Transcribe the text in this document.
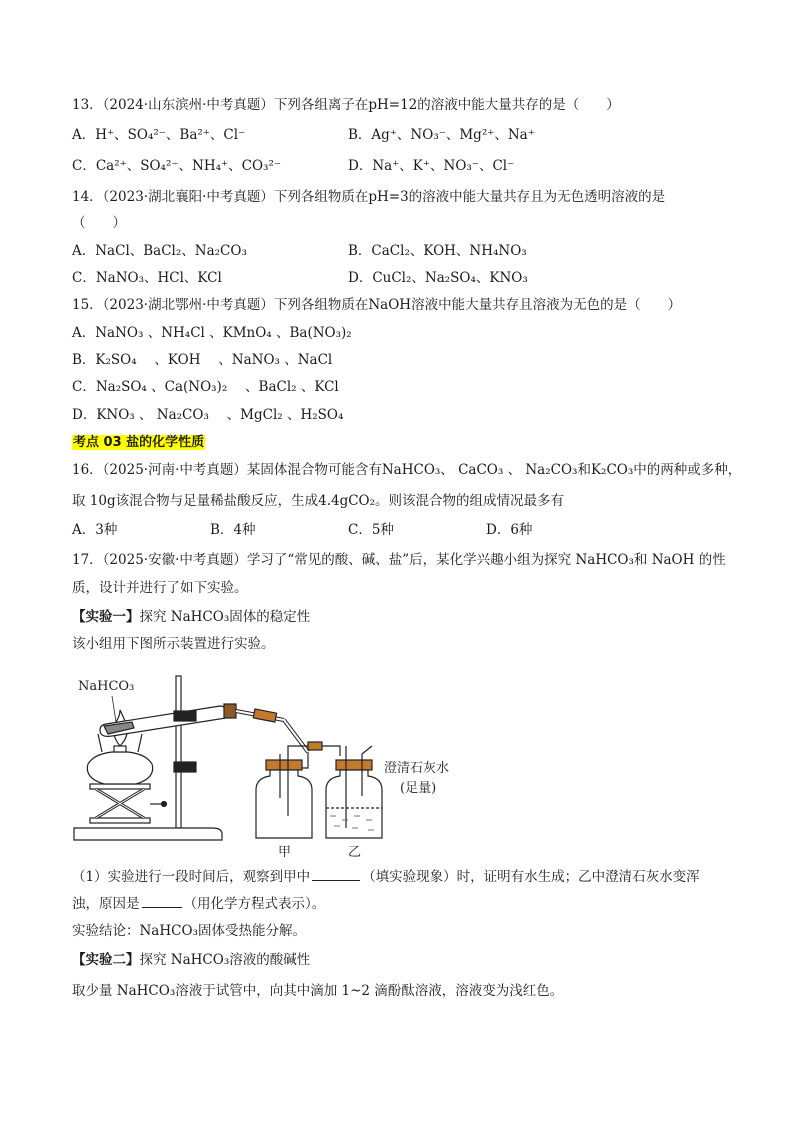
13．（2024·山东滨州·中考真题）下列各组离子在pH=12的溶液中能大量共存的是（　　）
A．H⁺、SO₄²⁻、Ba²⁺、Cl⁻	B．Ag⁺、NO₃⁻、Mg²⁺、Na⁺
C．Ca²⁺、SO₄²⁻、NH₄⁺、CO₃²⁻	D．Na⁺、K⁺、NO₃⁻、Cl⁻
14．（2023·湖北襄阳·中考真题）下列各组物质在pH=3的溶液中能大量共存且为无色透明溶液的是
（　　）
A．NaCl、BaCl₂、Na₂CO₃	B．CaCl₂、KOH、NH₄NO₃
C．NaNO₃、HCl、KCl	D．CuCl₂、Na₂SO₄、KNO₃
15．（2023·湖北鄂州·中考真题）下列各组物质在NaOH溶液中能大量共存且溶液为无色的是（　　）
A．NaNO₃ 、NH₄Cl 、KMnO₄ 、Ba(NO₃)₂
B．K₂SO₄ 　、KOH 　、NaNO₃ 、NaCl
C．Na₂SO₄ 、Ca(NO₃)₂ 　、BaCl₂ 、KCl
D．KNO₃ 、 Na₂CO₃ 　、MgCl₂ 、H₂SO₄
考点 03 盐的化学性质
16．（2025·河南·中考真题）某固体混合物可能含有NaHCO₃、 CaCO₃ 、 Na₂CO₃和K₂CO₃中的两种或多种，
取 10g该混合物与足量稀盐酸反应，生成4.4gCO₂。则该混合物的组成情况最多有
A．3种	B．4种	C．5种	D．6种
17．（2025·安徽·中考真题）学习了“常见的酸、碱、盐”后，某化学兴趣小组为探究 NaHCO₃和 NaOH 的性
质，设计并进行了如下实验。
【实验一】探究 NaHCO₃固体的稳定性
该小组用下图所示装置进行实验。
NaHCO₃
澄清石灰水
(足量)
甲	乙
（1）实验进行一段时间后，观察到甲中	（填实验现象）时，证明有水生成；乙中澄清石灰水变浑
浊，原因是	（用化学方程式表示）。
实验结论：NaHCO₃固体受热能分解。
【实验二】探究 NaHCO₃溶液的酸碱性
取少量 NaHCO₃溶液于试管中，向其中滴加 1~2 滴酚酞溶液，溶液变为浅红色。
